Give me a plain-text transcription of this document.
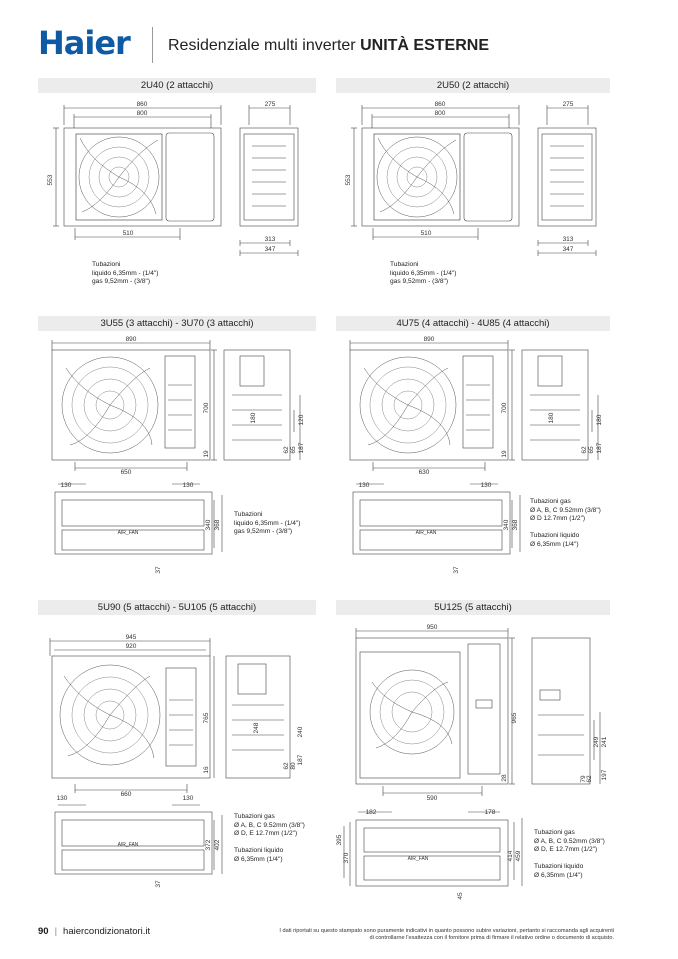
Haier Residenziale multi inverter UNITÀ ESTERNE
2U40 (2 attacchi)
860
800
553
510
275
313
347
Tubazioni
liquido 6,35mm - (1/4")
gas 9,52mm - (3/8")
2U50 (2 attacchi)
860
800
553
510
275
313
347
Tubazioni
liquido 6,35mm - (1/4")
gas 9,52mm - (3/8")
3U55 (3 attacchi) - 3U70 (3 attacchi)
890
700
19
650
180	120
187
62 65
130	130
340 368
37
AIR_FAN
Tubazioni
liquido 6,35mm - (1/4")
gas 9,52mm - (3/8")
4U75 (4 attacchi) - 4U85 (4 attacchi)
890
700
19
630
180	180
187
62 65
130	130
340 368
37
AIR_FAN
Tubazioni gas
Ø A, B, C 9.52mm (3/8")
Ø D 12.7mm (1/2")

Tubazioni liquido
Ø 6,35mm (1/4")
5U90 (5 attacchi) - 5U105 (5 attacchi)
945
920
765
16
660
248	240
187
62 80
130	130
372 402
37
AIR_FAN
Tubazioni gas
Ø A, B, C 9.52mm (3/8")
Ø D, E 12.7mm (1/2")

Tubazioni liquido
Ø 6,35mm (1/4")
5U125 (5 attacchi)
950
965
28
590
249 241
197
62
79
182	178
395
370	414 459
45
AIR_FAN
Tubazioni gas
Ø A, B, C 9.52mm (3/8")
Ø D, E 12.7mm (1/2")

Tubazioni liquido
Ø 6,35mm (1/4")
90 | haiercondizionatori.it	I dati riportati su questo stampato sono puramente indicativi in quanto possono subire variazioni, pertanto si raccomanda agli acquirenti di controllarne l'esattezza con il fornitore prima di firmare il relativo ordine o documento di acquisto.
